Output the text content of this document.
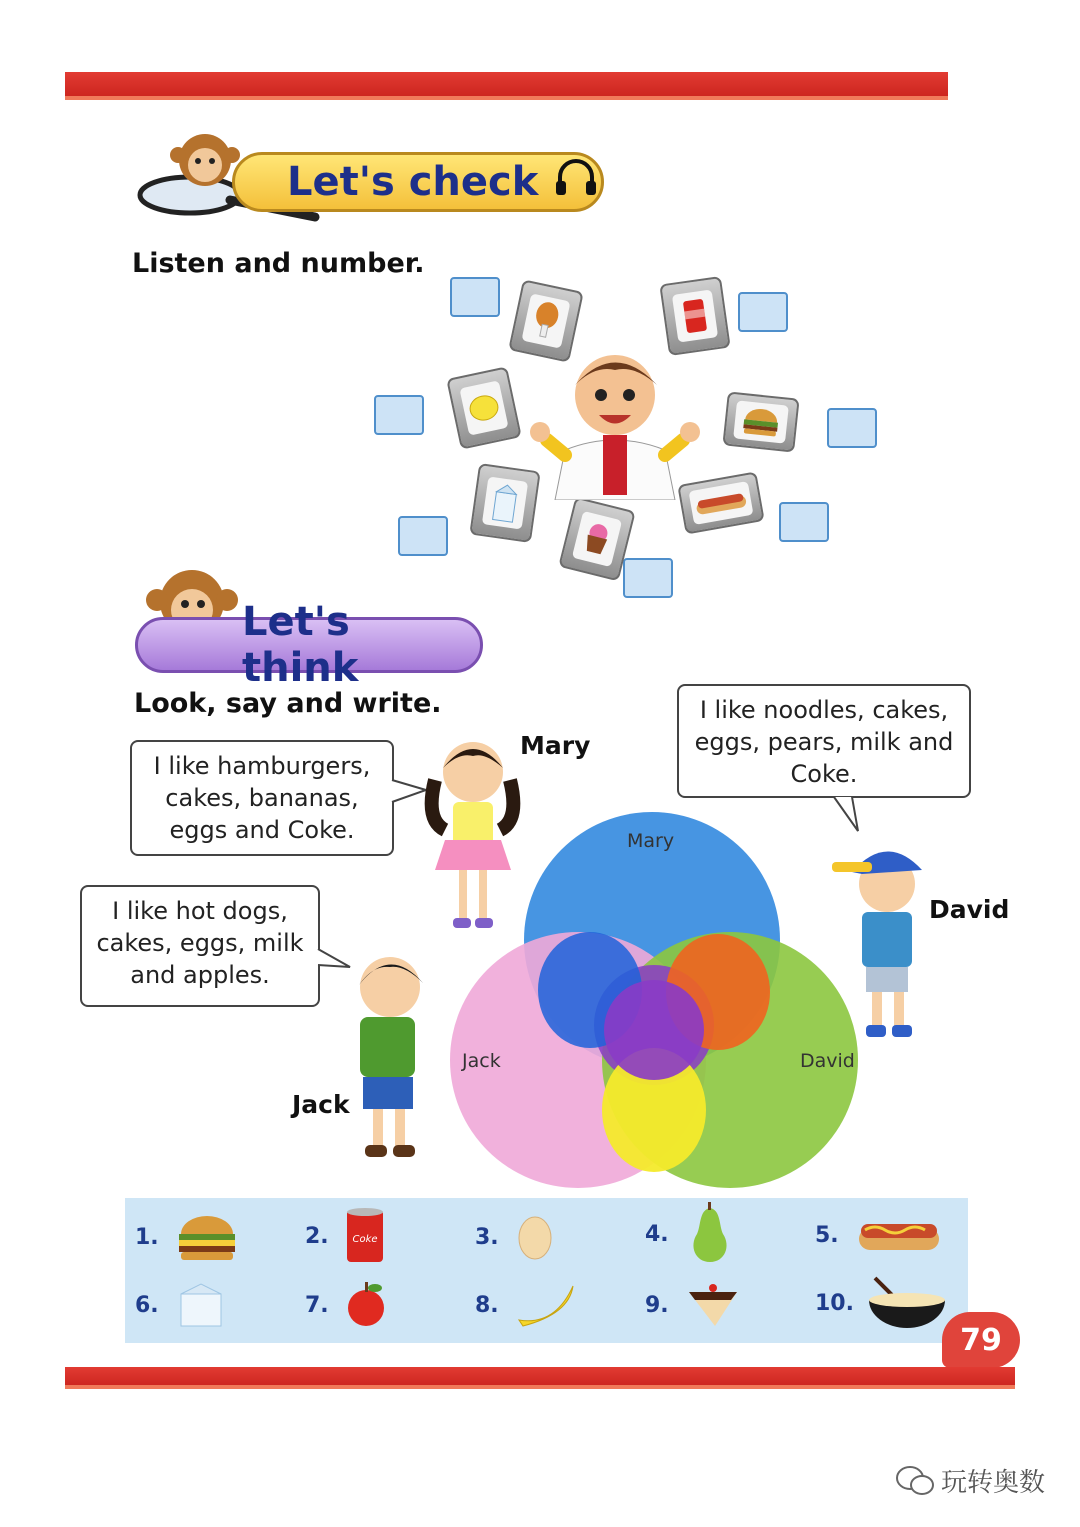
Let's check
Listen and number.
Let's think
Look, say and write.
I like hamburgers, cakes, bananas, eggs and Coke.
I like noodles, cakes, eggs, pears, milk and Coke.
I like hot dogs, cakes, eggs, milk and apples.
Mary
David
Jack
Mary
Jack	David
1.	2.	Coke	3.	4.	5.
6.	7.	8.	9.	10.
79
玩转奥数
